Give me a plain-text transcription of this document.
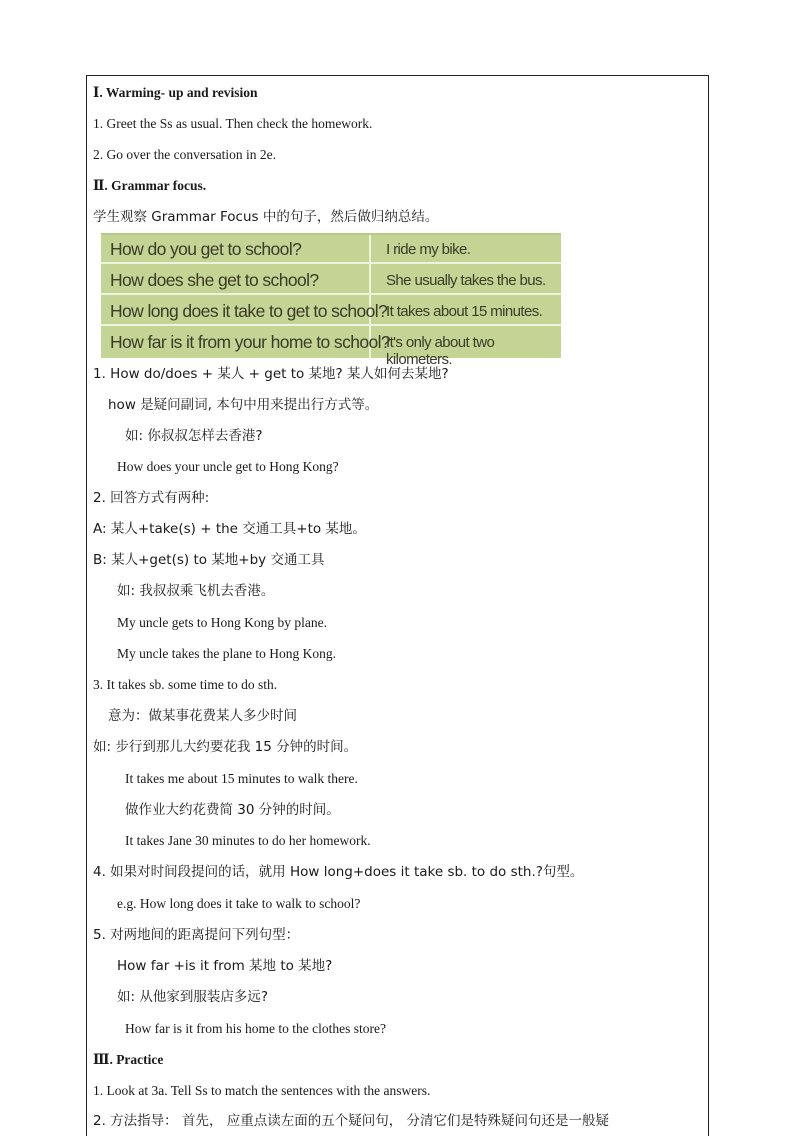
Ⅰ. Warming- up and revision
1. Greet the Ss as usual. Then check the homework.
2. Go over the conversation in 2e.
Ⅱ. Grammar focus.
学生观察 Grammar Focus 中的句子，然后做归纳总结。
How do you get to school?	I ride my bike.
How does she get to school?	She usually takes the bus.
How long does it take to get to school?
It takes about 15 minutes.
How far is it from your home to school?
It's only about two kilometers.
1. How do/does + 某人 + get to 某地? 某人如何去某地?
how 是疑问副词, 本句中用来提出行方式等。
如: 你叔叔怎样去香港?
How does your uncle get to Hong Kong?
2. 回答方式有两种:
A: 某人+take(s) + the 交通工具+to 某地。
B: 某人+get(s) to 某地+by 交通工具
如: 我叔叔乘飞机去香港。
My uncle gets to Hong Kong by plane.
My uncle takes the plane to Hong Kong.
3. It takes sb. some time to do sth.
意为：做某事花费某人多少时间
如: 步行到那儿大约要花我 15 分钟的时间。
It takes me about 15 minutes to walk there.
做作业大约花费简 30 分钟的时间。
It takes Jane 30 minutes to do her homework.
4. 如果对时间段提问的话，就用 How long+does it take sb. to do sth.?句型。
e.g. How long does it take to walk to school?
5. 对两地间的距离提问下列句型：
How far +is it from 某地 to 某地?
如: 从他家到服装店多远?
How far is it from his home to the clothes store?
Ⅲ. Practice
1. Look at 3a. Tell Ss to match the sentences with the answers.
2. 方法指导： 首先， 应重点读左面的五个疑问句， 分清它们是特殊疑问句还是一般疑
